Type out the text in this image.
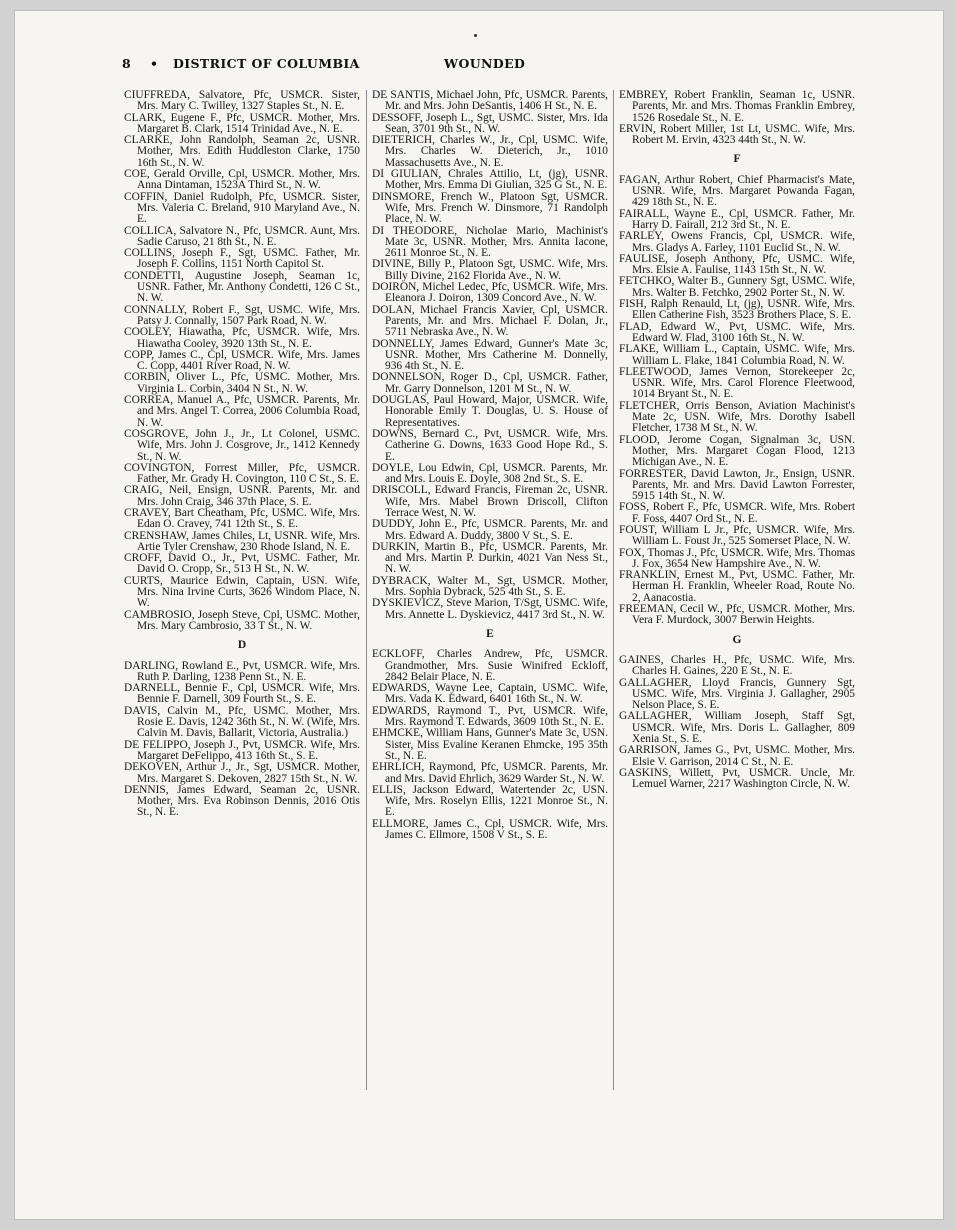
8 • DISTRICT OF COLUMBIA	WOUNDED
CIUFFREDA, Salvatore, Pfc, USMCR. Sister, Mrs. Mary C. Twilley, 1327 Staples St., N. E.
CLARK, Eugene F., Pfc, USMCR. Mother, Mrs. Margaret B. Clark, 1514 Trinidad Ave., N. E.
CLARKE, John Randolph, Seaman 2c, USNR. Mother, Mrs. Edith Huddleston Clarke, 1750 16th St., N. W.
COE, Gerald Orville, Cpl, USMCR. Mother, Mrs. Anna Dintaman, 1523A Third St., N. W.
COFFIN, Daniel Rudolph, Pfc, USMCR. Sister, Mrs. Valeria C. Breland, 910 Maryland Ave., N. E.
COLLICA, Salvatore N., Pfc, USMCR. Aunt, Mrs. Sadie Caruso, 21 8th St., N. E.
COLLINS, Joseph F., Sgt, USMC. Father, Mr. Joseph F. Collins, 1151 North Capitol St.
CONDETTI, Augustine Joseph, Seaman 1c, USNR. Father, Mr. Anthony Condetti, 126 C St., N. W.
CONNALLY, Robert F., Sgt, USMC. Wife, Mrs. Patsy J. Connally, 1507 Park Road, N. W.
COOLEY, Hiawatha, Pfc, USMCR. Wife, Mrs. Hiawatha Cooley, 3920 13th St., N. E.
COPP, James C., Cpl, USMCR. Wife, Mrs. James C. Copp, 4401 River Road, N. W.
CORBIN, Oliver L., Pfc, USMC. Mother, Mrs. Virginia L. Corbin, 3404 N St., N. W.
CORREA, Manuel A., Pfc, USMCR. Parents, Mr. and Mrs. Angel T. Correa, 2006 Columbia Road, N. W.
COSGROVE, John J., Jr., Lt Colonel, USMC. Wife, Mrs. John J. Cosgrove, Jr., 1412 Kennedy St., N. W.
COVINGTON, Forrest Miller, Pfc, USMCR. Father, Mr. Grady H. Covington, 110 C St., S. E.
CRAIG, Neil, Ensign, USNR. Parents, Mr. and Mrs. John Craig, 346 37th Place, S. E.
CRAVEY, Bart Cheatham, Pfc, USMC. Wife, Mrs. Edan O. Cravey, 741 12th St., S. E.
CRENSHAW, James Chiles, Lt, USNR. Wife, Mrs. Artie Tyler Crenshaw, 230 Rhode Island, N. E.
CROFF, David O., Jr., Pvt, USMC. Father, Mr. David O. Cropp, Sr., 513 H St., N. W.
CURTS, Maurice Edwin, Captain, USN. Wife, Mrs. Nina Irvine Curts, 3626 Windom Place, N. W.
CAMBROSIO, Joseph Steve, Cpl, USMC. Mother, Mrs. Mary Cambrosio, 33 T St., N. W.
D
DARLING, Rowland E., Pvt, USMCR. Wife, Mrs. Ruth P. Darling, 1238 Penn St., N. E.
DARNELL, Bennie F., Cpl, USMCR. Wife, Mrs. Bennie F. Darnell, 309 Fourth St., S. E.
DAVIS, Calvin M., Pfc, USMC. Mother, Mrs. Rosie E. Davis, 1242 36th St., N. W. (Wife, Mrs. Calvin M. Davis, Ballarit, Victoria, Australia.)
DE FELIPPO, Joseph J., Pvt, USMCR. Wife, Mrs. Margaret DeFelippo, 413 16th St., S. E.
DEKOVEN, Arthur J., Jr., Sgt, USMCR. Mother, Mrs. Margaret S. Dekoven, 2827 15th St., N. W.
DENNIS, James Edward, Seaman 2c, USNR. Mother, Mrs. Eva Robinson Dennis, 2016 Otis St., N. E.
DE SANTIS, Michael John, Pfc, USMCR. Parents, Mr. and Mrs. John DeSantis, 1406 H St., N. E.
DESSOFF, Joseph L., Sgt, USMC. Sister, Mrs. Ida Sean, 3701 9th St., N. W.
DIETERICH, Charles W., Jr., Cpl, USMC. Wife, Mrs. Charles W. Dieterich, Jr., 1010 Massachusetts Ave., N. E.
DI GIULIAN, Chrales Attilio, Lt, (jg), USNR. Mother, Mrs. Emma Di Giulian, 325 G St., N. E.
DINSMORE, French W., Platoon Sgt, USMCR. Wife, Mrs. French W. Dinsmore, 71 Randolph Place, N. W.
DI THEODORE, Nicholae Mario, Machinist's Mate 3c, USNR. Mother, Mrs. Annita Iacone, 2611 Monroe St., N. E.
DIVINE, Billy P., Platoon Sgt, USMC. Wife, Mrs. Billy Divine, 2162 Florida Ave., N. W.
DOIRON, Michel Ledec, Pfc, USMCR. Wife, Mrs. Eleanora J. Doiron, 1309 Concord Ave., N. W.
DOLAN, Michael Francis Xavier, Cpl, USMCR. Parents, Mr. and Mrs. Michael F. Dolan, Jr., 5711 Nebraska Ave., N. W.
DONNELLY, James Edward, Gunner's Mate 3c, USNR. Mother, Mrs Catherine M. Donnelly, 936 4th St., N. E.
DONNELSON, Roger D., Cpl, USMCR. Father, Mr. Garry Donnelson, 1201 M St., N. W.
DOUGLAS, Paul Howard, Major, USMCR. Wife, Honorable Emily T. Douglas, U. S. House of Representatives.
DOWNS, Bernard C., Pvt, USMCR. Wife, Mrs. Catherine G. Downs, 1633 Good Hope Rd., S. E.
DOYLE, Lou Edwin, Cpl, USMCR. Parents, Mr. and Mrs. Louis E. Doyle, 308 2nd St., S. E.
DRISCOLL, Edward Francis, Fireman 2c, USNR. Wife, Mrs. Mabel Brown Driscoll, Clifton Terrace West, N. W.
DUDDY, John E., Pfc, USMCR. Parents, Mr. and Mrs. Edward A. Duddy, 3800 V St., S. E.
DURKIN, Martin B., Pfc, USMCR. Parents, Mr. and Mrs. Martin P. Durkin, 4021 Van Ness St., N. W.
DYBRACK, Walter M., Sgt, USMCR. Mother, Mrs. Sophia Dybrack, 525 4th St., S. E.
DYSKIEVICZ, Steve Marion, T/Sgt, USMC. Wife, Mrs. Annette L. Dyskievicz, 4417 3rd St., N. W.
E
ECKLOFF, Charles Andrew, Pfc, USMCR. Grandmother, Mrs. Susie Winifred Eckloff, 2842 Belair Place, N. E.
EDWARDS, Wayne Lee, Captain, USMC. Wife, Mrs. Vada K. Edward, 6401 16th St., N. W.
EDWARDS, Raymond T., Pvt, USMCR. Wife, Mrs. Raymond T. Edwards, 3609 10th St., N. E.
EHMCKE, William Hans, Gunner's Mate 3c, USN. Sister, Miss Evaline Keranen Ehmcke, 195 35th St., N. E.
EHRLICH, Raymond, Pfc, USMCR. Parents, Mr. and Mrs. David Ehrlich, 3629 Warder St., N. W.
ELLIS, Jackson Edward, Watertender 2c, USN. Wife, Mrs. Roselyn Ellis, 1221 Monroe St., N. E.
ELLMORE, James C., Cpl, USMCR. Wife, Mrs. James C. Ellmore, 1508 V St., S. E.
EMBREY, Robert Franklin, Seaman 1c, USNR. Parents, Mr. and Mrs. Thomas Franklin Embrey, 1526 Rosedale St., N. E.
ERVIN, Robert Miller, 1st Lt, USMC. Wife, Mrs. Robert M. Ervin, 4323 44th St., N. W.
F
FAGAN, Arthur Robert, Chief Pharmacist's Mate, USNR. Wife, Mrs. Margaret Powanda Fagan, 429 18th St., N. E.
FAIRALL, Wayne E., Cpl, USMCR. Father, Mr. Harry D. Fairall, 212 3rd St., N. E.
FARLEY, Owens Francis, Cpl, USMCR. Wife, Mrs. Gladys A. Farley, 1101 Euclid St., N. W.
FAULISE, Joseph Anthony, Pfc, USMC. Wife, Mrs. Elsie A. Faulise, 1143 15th St., N. W.
FETCHKO, Walter B., Gunnery Sgt, USMC. Wife, Mrs. Walter B. Fetchko, 2902 Porter St., N. W.
FISH, Ralph Renauld, Lt, (jg), USNR. Wife, Mrs. Ellen Catherine Fish, 3523 Brothers Place, S. E.
FLAD, Edward W., Pvt, USMC. Wife, Mrs. Edward W. Flad, 3100 16th St., N. W.
FLAKE, William L., Captain, USMC. Wife, Mrs. William L. Flake, 1841 Columbia Road, N. W.
FLEETWOOD, James Vernon, Storekeeper 2c, USNR. Wife, Mrs. Carol Florence Fleetwood, 1014 Bryant St., N. E.
FLETCHER, Orris Benson, Aviation Machinist's Mate 2c, USN. Wife, Mrs. Dorothy Isabell Fletcher, 1738 M St., N. W.
FLOOD, Jerome Cogan, Signalman 3c, USN. Mother, Mrs. Margaret Cogan Flood, 1213 Michigan Ave., N. E.
FORRESTER, David Lawton, Jr., Ensign, USNR. Parents, Mr. and Mrs. David Lawton Forrester, 5915 14th St., N. W.
FOSS, Robert F., Pfc, USMCR. Wife, Mrs. Robert F. Foss, 4407 Ord St., N. E.
FOUST, William L Jr., Pfc, USMCR. Wife, Mrs. William L. Foust Jr., 525 Somerset Place, N. W.
FOX, Thomas J., Pfc, USMCR. Wife, Mrs. Thomas J. Fox, 3654 New Hampshire Ave., N. W.
FRANKLIN, Ernest M., Pvt, USMC. Father, Mr. Herman H. Franklin, Wheeler Road, Route No. 2, Aanacostia.
FREEMAN, Cecil W., Pfc, USMCR. Mother, Mrs. Vera F. Murdock, 3007 Berwin Heights.
G
GAINES, Charles H., Pfc, USMC. Wife, Mrs. Charles H. Gaines, 220 E St., N. E.
GALLAGHER, Lloyd Francis, Gunnery Sgt, USMC. Wife, Mrs. Virginia J. Gallagher, 2905 Nelson Place, S. E.
GALLAGHER, William Joseph, Staff Sgt, USMCR. Wife, Mrs. Doris L. Gallagher, 809 Xenia St., S. E.
GARRISON, James G., Pvt, USMC. Mother, Mrs. Elsie V. Garrison, 2014 C St., N. E.
GASKINS, Willett, Pvt, USMCR. Uncle, Mr. Lemuel Warner, 2217 Washington Circle, N. W.
